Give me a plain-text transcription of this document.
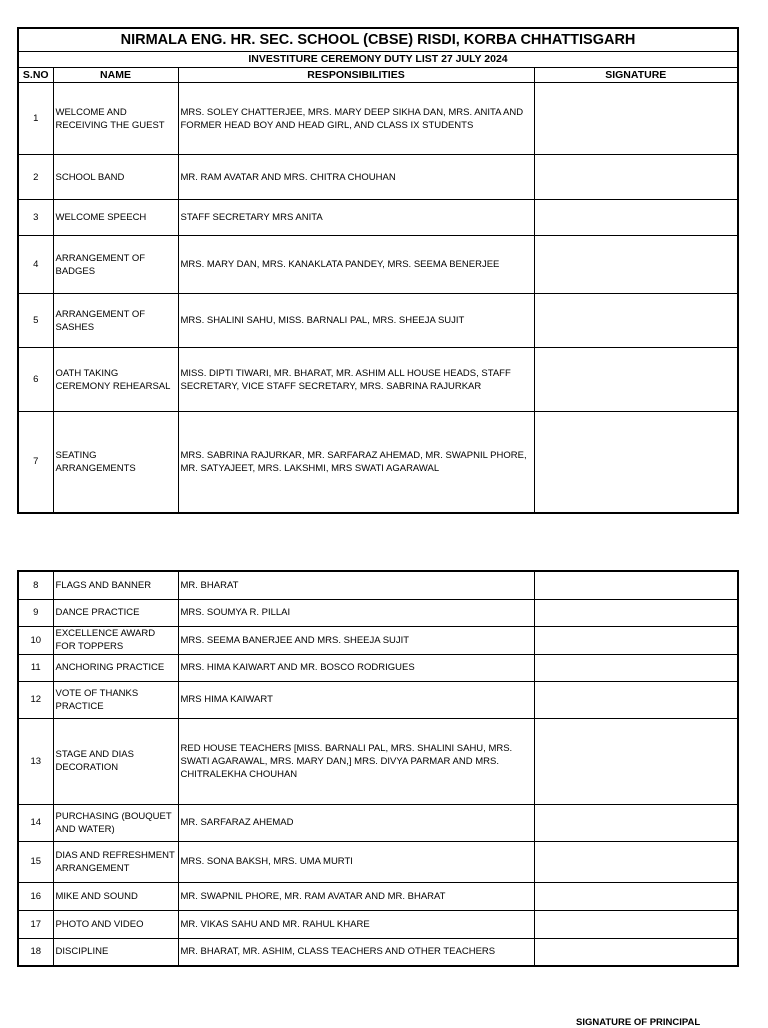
NIRMALA ENG. HR. SEC. SCHOOL (CBSE) RISDI, KORBA CHHATTISGARH			
INVESTITURE CEREMONY DUTY LIST 27 JULY 2024			
S.NO	NAME	RESPONSIBILITIES	SIGNATURE
1	WELCOME AND RECEIVING THE GUEST	MRS. SOLEY CHATTERJEE, MRS. MARY DEEP SIKHA DAN, MRS. ANITA AND FORMER HEAD BOY AND HEAD GIRL, AND CLASS IX STUDENTS	
2	SCHOOL BAND	MR. RAM AVATAR AND MRS. CHITRA CHOUHAN	
3	WELCOME SPEECH	STAFF SECRETARY MRS ANITA	
4	ARRANGEMENT OF BADGES	MRS. MARY DAN, MRS. KANAKLATA PANDEY, MRS. SEEMA BENERJEE	
5	ARRANGEMENT OF SASHES	MRS. SHALINI SAHU, MISS. BARNALI PAL, MRS. SHEEJA SUJIT	
6	OATH TAKING CEREMONY REHEARSAL	MISS. DIPTI TIWARI, MR. BHARAT, MR. ASHIM ALL HOUSE HEADS, STAFF SECRETARY, VICE STAFF SECRETARY, MRS. SABRINA RAJURKAR	
7	SEATING ARRANGEMENTS	MRS. SABRINA RAJURKAR, MR. SARFARAZ AHEMAD, MR. SWAPNIL PHORE, MR. SATYAJEET, MRS. LAKSHMI, MRS SWATI AGARAWAL	
8	FLAGS AND BANNER	MR. BHARAT	
9	DANCE PRACTICE	MRS. SOUMYA R. PILLAI	
10	EXCELLENCE AWARD FOR TOPPERS	MRS. SEEMA BANERJEE AND MRS. SHEEJA SUJIT	
11	ANCHORING PRACTICE	MRS. HIMA KAIWART AND MR. BOSCO RODRIGUES	
12	VOTE OF THANKS PRACTICE	MRS HIMA KAIWART	
13	STAGE AND DIAS DECORATION	RED HOUSE TEACHERS [MISS. BARNALI PAL, MRS. SHALINI SAHU, MRS. SWATI AGARAWAL, MRS. MARY DAN,] MRS. DIVYA PARMAR AND MRS. CHITRALEKHA CHOUHAN	
14	PURCHASING (BOUQUET AND WATER)	MR. SARFARAZ AHEMAD	
15	DIAS AND REFRESHMENT ARRANGEMENT	MRS. SONA BAKSH, MRS. UMA MURTI	
16	MIKE AND SOUND	MR. SWAPNIL PHORE, MR. RAM AVATAR AND MR. BHARAT	
17	PHOTO AND VIDEO	MR. VIKAS SAHU AND MR. RAHUL KHARE	
18	DISCIPLINE	MR. BHARAT, MR. ASHIM, CLASS TEACHERS AND OTHER TEACHERS	
SIGNATURE OF PRINCIPAL
